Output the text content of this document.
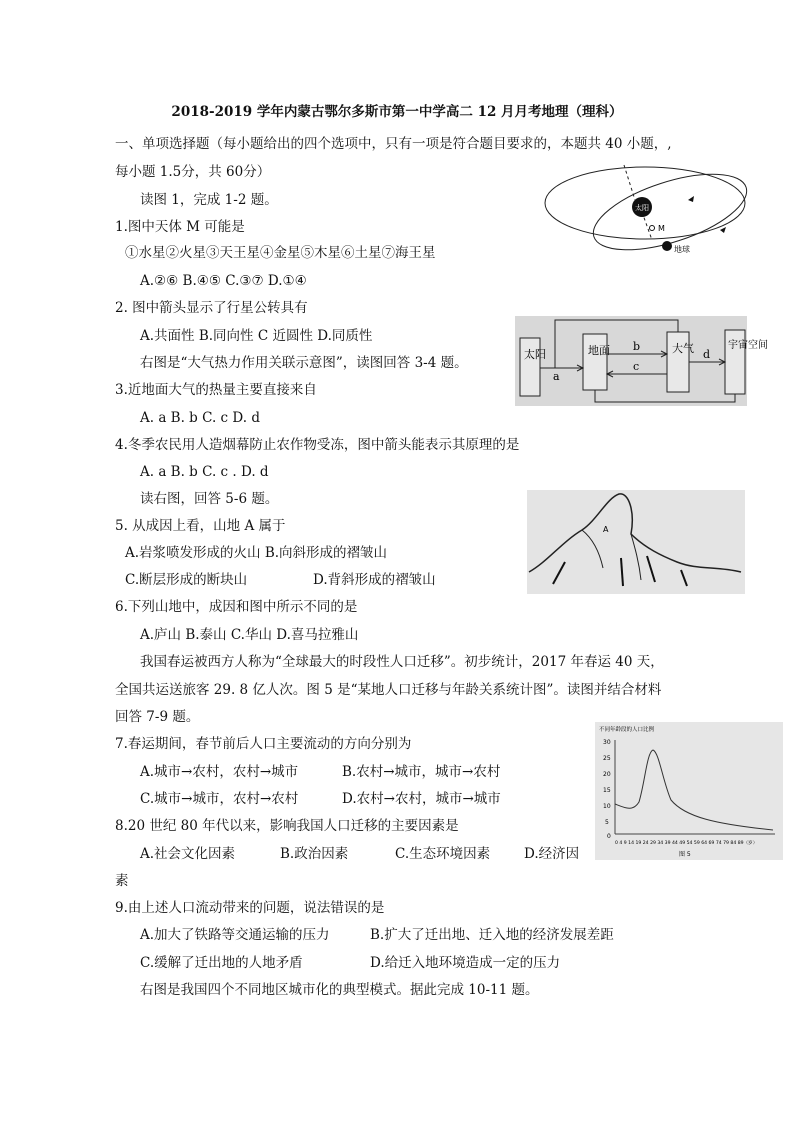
2018-2019 学年内蒙古鄂尔多斯市第一中学高二 12 月月考地理（理科）
一、单项选择题（每小题给出的四个选项中，只有一项是符合题目要求的，本题共 40 小题，,
每小题 1.5分，共 60分）
读图 1，完成 1-2 题。
1.图中天体 M 可能是
①水星②火星③天王星④金星⑤木星⑥土星⑦海王星
A.②⑥ B.④⑤ C.③⑦ D.①④
2. 图中箭头显示了行星公转具有
A.共面性 B.同向性 C 近圆性 D.同质性
右图是“大气热力作用关联示意图”，读图回答 3-4 题。
3.近地面大气的热量主要直接来自
A. a B. b C. c D. d
4.冬季农民用人造烟幕防止农作物受冻，图中箭头能表示其原理的是
A. a B. b C. c . D. d
读右图，回答 5-6 题。
5. 从成因上看，山地 A 属于
A.岩浆喷发形成的火山 B.向斜形成的褶皱山
C.断层形成的断块山	D.背斜形成的褶皱山
6.下列山地中，成因和图中所示不同的是
A.庐山 B.泰山 C.华山 D.喜马拉雅山
我国春运被西方人称为“全球最大的时段性人口迁移”。初步统计，2017 年春运 40 天，
全国共运送旅客 29. 8 亿人次。图 5 是“某地人口迁移与年龄关系统计图”。读图并结合材料
回答 7-9 题。
7.春运期间，春节前后人口主要流动的方向分别为
A.城市→农村，农村→城市	B.农村→城市，城市→农村
C.城市→城市，农村→农村	D.农村→农村，城市→城市
8.20 世纪 80 年代以来，影响我国人口迁移的主要因素是
A.社会文化因素	B.政治因素	C.生态环境因素	D.经济因
素
9.由上述人口流动带来的问题，说法错误的是
A.加大了铁路等交通运输的压力	B.扩大了迁出地、迁入地的经济发展差距
C.缓解了迁出地的人地矛盾	D.给迁入地环境造成一定的压力
右图是我国四个不同地区城市化的典型模式。据此完成 10-11 题。
太阳
M
地球
太阳	地面	大气	宇宙空间
a
b
c
d
A
不同年龄段的人口比例
30
25
20
15
10
5
0
0 4 9 14 19 24 29 34 39 44 49 54 59 64 69 74 79 84 89（岁）
图 5
